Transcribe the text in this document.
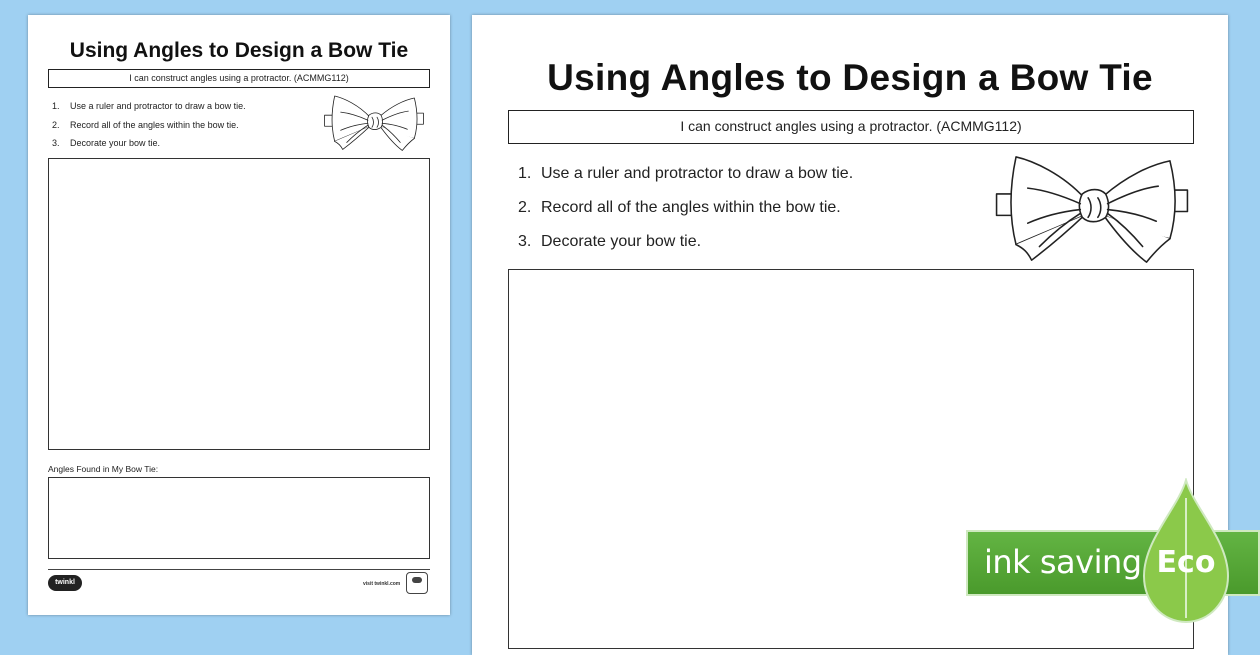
Using Angles to Design a Bow Tie
I can construct angles using a protractor. (ACMMG112)
1.	Use a ruler and protractor to draw a bow tie.
2.	Record all of the angles within the bow tie.
3.	Decorate your bow tie.
Angles Found in My Bow Tie:
twinkl	visit twinkl.com
Using Angles to Design a Bow Tie
I can construct angles using a protractor. (ACMMG112)
1. Use a ruler and protractor to draw a bow tie.
2. Record all of the angles within the bow tie.
3. Decorate your bow tie.
ink saving Eco
